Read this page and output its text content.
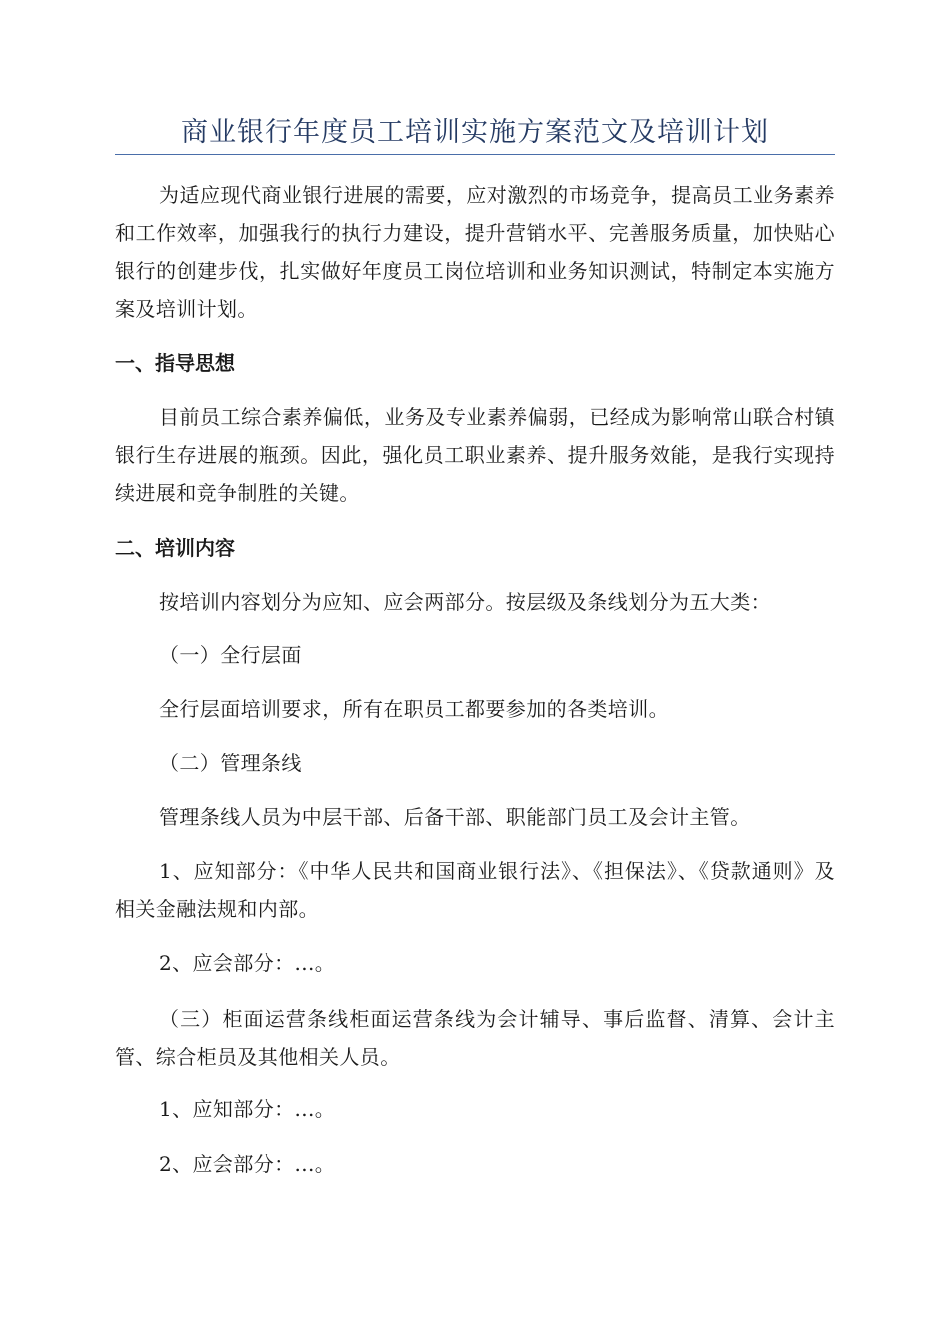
商业银行年度员工培训实施方案范文及培训计划

为适应现代商业银行进展的需要，应对激烈的市场竞争，提高员工业务素养和工作效率，加强我行的执行力建设，提升营销水平、完善服务质量，加快贴心银行的创建步伐，扎实做好年度员工岗位培训和业务知识测试，特制定本实施方案及培训计划。

一、指导思想

目前员工综合素养偏低，业务及专业素养偏弱，已经成为影响常山联合村镇银行生存进展的瓶颈。因此，强化员工职业素养、提升服务效能，是我行实现持续进展和竞争制胜的关键。

二、培训内容

按培训内容划分为应知、应会两部分。按层级及条线划分为五大类：

（一）全行层面

全行层面培训要求，所有在职员工都要参加的各类培训。

（二）管理条线

管理条线人员为中层干部、后备干部、职能部门员工及会计主管。

1、应知部分：《中华人民共和国商业银行法》、《担保法》、《贷款通则》及相关金融法规和内部。

2、应会部分：...。

（三）柜面运营条线柜面运营条线为会计辅导、事后监督、清算、会计主管、综合柜员及其他相关人员。

1、应知部分：...。

2、应会部分：...。
